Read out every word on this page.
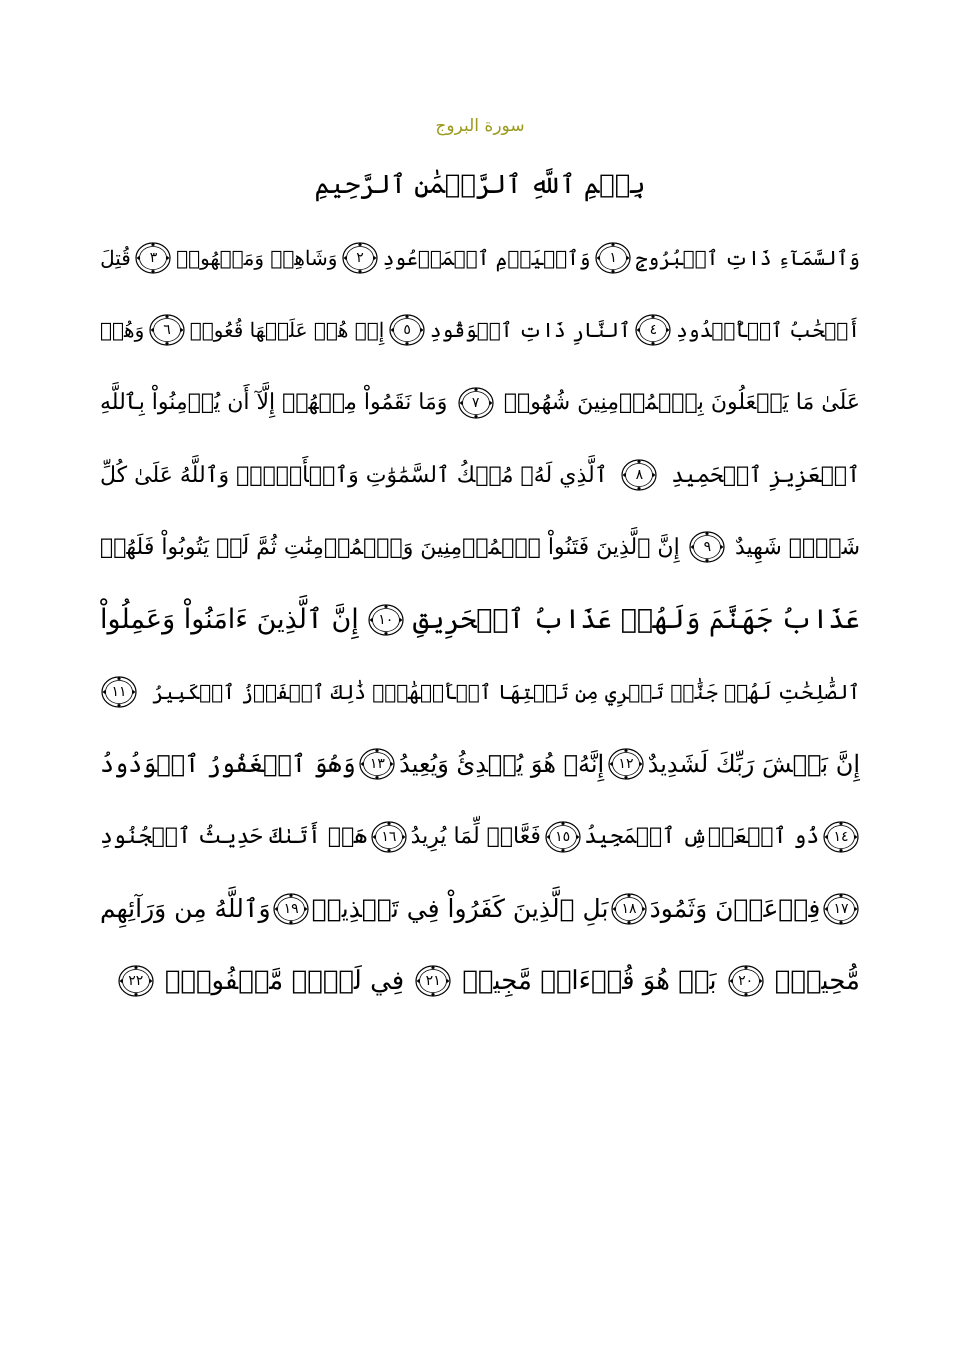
سورة البروج
بِسۡمِ ٱللَّهِ ٱلرَّحۡمَٰنِ ٱلرَّحِيمِ
وَٱلسَّمَآءِ ذَاتِ ٱلۡبُرُوجِ
١
وَٱلۡيَوۡمِ ٱلۡمَوۡعُودِ
٢
وَشَاهِدٖ وَمَشۡهُودٖ
٣
قُتِلَ
أَصۡحَٰبُ ٱلۡأُخۡدُودِ
٤
ٱلنَّارِ ذَاتِ ٱلۡوَقُودِ
٥
إِذۡ هُمۡ عَلَيۡهَا قُعُودٞ
٦
وَهُمۡ
عَلَىٰ مَا يَفۡعَلُونَ بِٱلۡمُؤۡمِنِينَ شُهُودٞ
٧
وَمَا نَقَمُواْ مِنۡهُمۡ إِلَّآ أَن يُؤۡمِنُواْ بِٱللَّهِ
ٱلۡعَزِيزِ ٱلۡحَمِيدِ
٨
ٱلَّذِي لَهُۥ مُلۡكُ ٱلسَّمَٰوَٰتِ وَٱلۡأَرۡضِۚ وَٱللَّهُ عَلَىٰ كُلِّ
شَيۡءٖ شَهِيدٌ
٩
إِنَّ ٱلَّذِينَ فَتَنُواْ ٱلۡمُؤۡمِنِينَ وَٱلۡمُؤۡمِنَٰتِ ثُمَّ لَمۡ يَتُوبُواْ فَلَهُمۡ
عَذَابُ جَهَنَّمَ وَلَهُمۡ عَذَابُ ٱلۡحَرِيقِ
١٠
إِنَّ ٱلَّذِينَ ءَامَنُواْ وَعَمِلُواْ
ٱلصَّٰلِحَٰتِ لَهُمۡ جَنَّٰتٞ تَجۡرِي مِن تَحۡتِهَا ٱلۡأَنۡهَٰرُۚ ذَٰلِكَ ٱلۡفَوۡزُ ٱلۡكَبِيرُ
١١
إِنَّ بَطۡشَ رَبِّكَ لَشَدِيدٌ
١٢
إِنَّهُۥ هُوَ يُبۡدِئُ وَيُعِيدُ
١٣
وَهُوَ ٱلۡغَفُورُ ٱلۡوَدُودُ
١٤
ذُو ٱلۡعَرۡشِ ٱلۡمَجِيدُ
١٥
فَعَّالٞ لِّمَا يُرِيدُ
١٦
هَلۡ أَتَىٰكَ حَدِيثُ ٱلۡجُنُودِ
١٧
فِرۡعَوۡنَ وَثَمُودَ
١٨
بَلِ ٱلَّذِينَ كَفَرُواْ فِي تَكۡذِيبٖ
١٩
وَٱللَّهُ مِن وَرَآئِهِم
مُّحِيطُۢ
٢٠
بَلۡ هُوَ قُرۡءَانٞ مَّجِيدٞ
٢١
فِي لَوۡحٖ مَّحۡفُوظِۭ
٢٢
